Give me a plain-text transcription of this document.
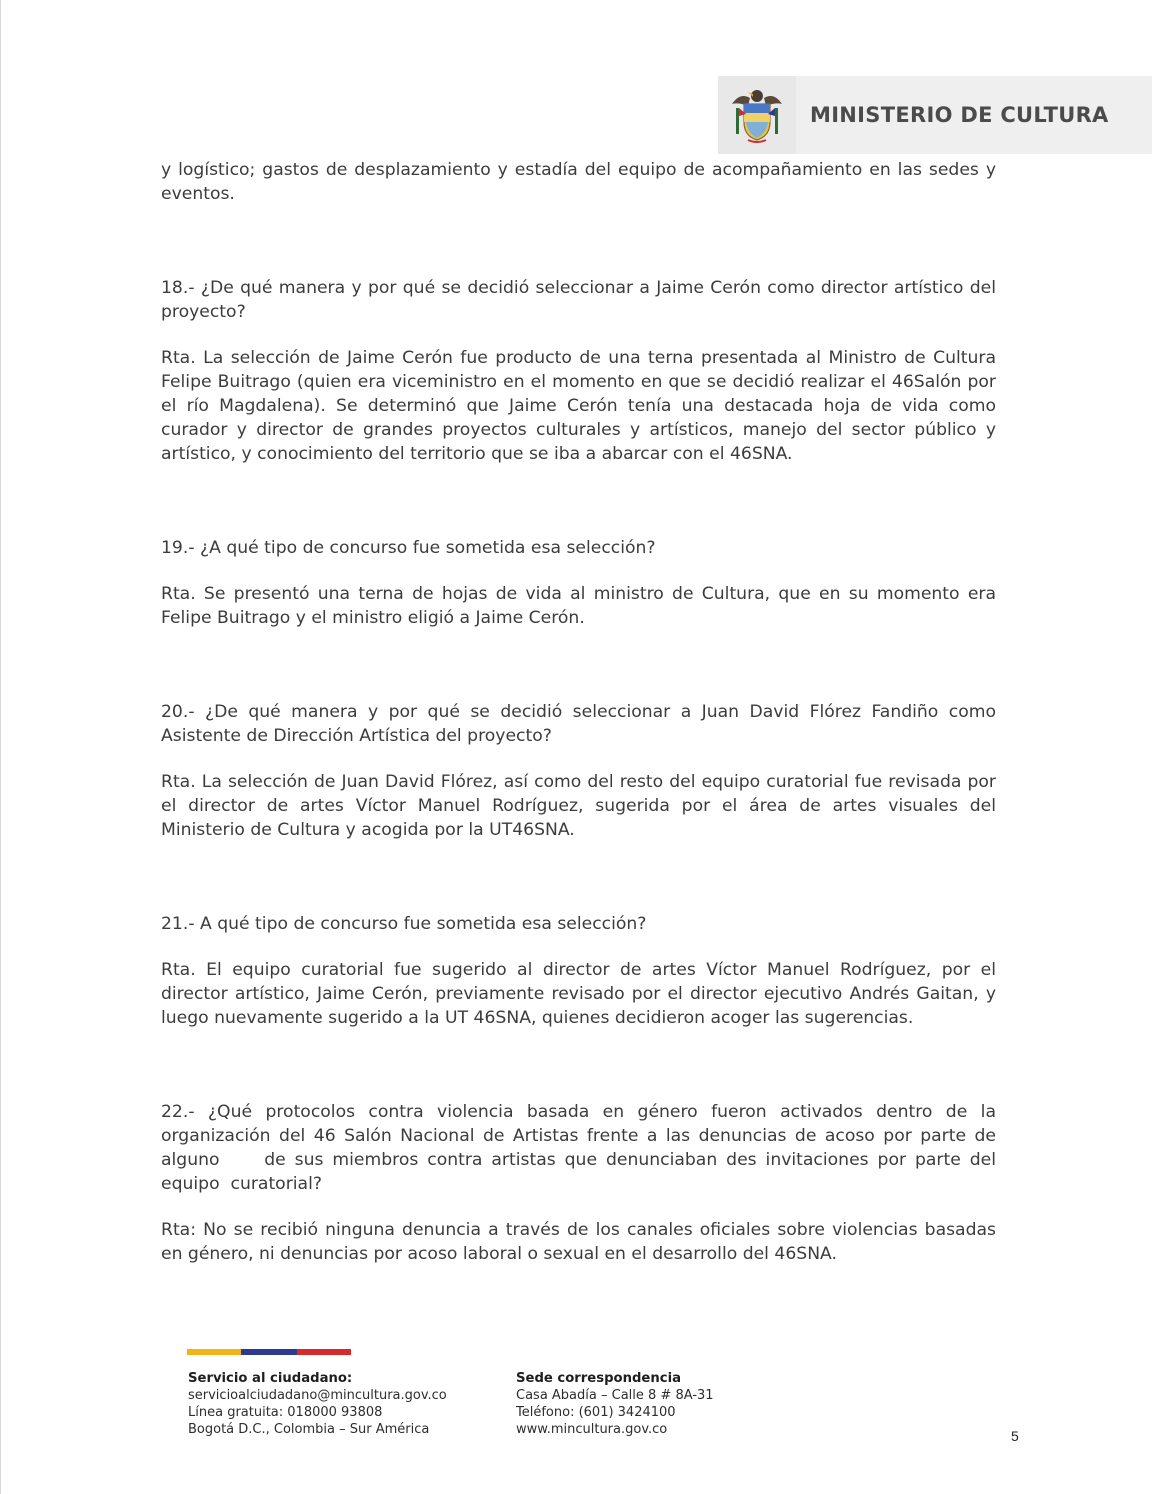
MINISTERIO DE CULTURA

y logístico; gastos de desplazamiento y estadía del equipo de acompañamiento en las sedes y eventos.

18.- ¿De qué manera y por qué se decidió seleccionar a Jaime Cerón como director artístico del proyecto?

Rta. La selección de Jaime Cerón fue producto de una terna presentada al Ministro de Cultura Felipe Buitrago (quien era viceministro en el momento en que se decidió realizar el 46Salón por el río Magdalena). Se determinó que Jaime Cerón tenía una destacada hoja de vida como curador y director de grandes proyectos culturales y artísticos, manejo del sector público y artístico, y conocimiento del territorio que se iba a abarcar con el 46SNA.

19.- ¿A qué tipo de concurso fue sometida esa selección?

Rta. Se presentó una terna de hojas de vida al ministro de Cultura, que en su momento era Felipe Buitrago y el ministro eligió a Jaime Cerón.

20.- ¿De qué manera y por qué se decidió seleccionar a Juan David Flórez Fandiño como Asistente de Dirección Artística del proyecto?

Rta. La selección de Juan David Flórez, así como del resto del equipo curatorial fue revisada por el director de artes Víctor Manuel Rodríguez, sugerida por el área de artes visuales del Ministerio de Cultura y acogida por la UT46SNA.

21.- A qué tipo de concurso fue sometida esa selección?

Rta. El equipo curatorial fue sugerido al director de artes Víctor Manuel Rodríguez, por el director artístico, Jaime Cerón, previamente revisado por el director ejecutivo Andrés Gaitan, y luego nuevamente sugerido a la UT 46SNA, quienes decidieron acoger las sugerencias.

22.- ¿Qué protocolos contra violencia basada en género fueron activados dentro de la organización del 46 Salón Nacional de Artistas frente a las denuncias de acoso por parte de alguno     de sus miembros contra artistas que denunciaban des invitaciones por parte del equipo  curatorial?

Rta: No se recibió ninguna denuncia a través de los canales oficiales sobre violencias basadas en género, ni denuncias por acoso laboral o sexual en el desarrollo del 46SNA.

Servicio al ciudadano:
servicioalciudadano@mincultura.gov.co
Línea gratuita: 018000 93808
Bogotá D.C., Colombia – Sur América
Sede correspondencia
Casa Abadía – Calle 8 # 8A-31
Teléfono: (601) 3424100
www.mincultura.gov.co	5
